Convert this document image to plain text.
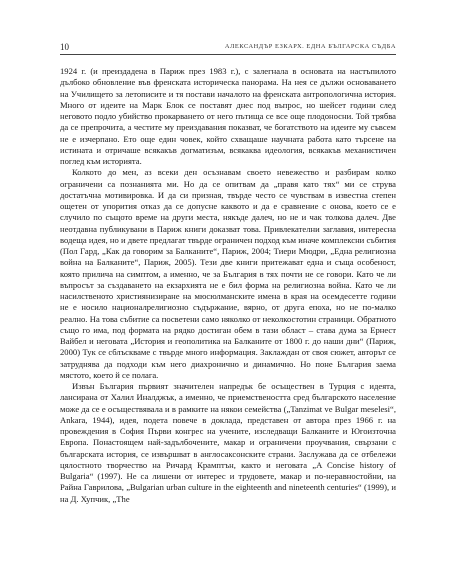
10	АЛЕКСАНДЪР ЕЗКАРХ. ЕДНА БЪЛГАРСКА СЪДБА

1924 г. (и преиздадена в Париж през 1983 г.), с залегнала в основата на настъпилото дълбоко обновление във френската историческа панорама. На нея се дължи основаването на Училището за летописите и тя постави началото на френската антропологична история. Много от идеите на Марк Блок се поставят днес под въпрос, но шейсет години след неговото подло убийство прокарването от него пътища се все още плодоносни. Той трябва да се препрочита, а честите му преиздавания показват, че богатството на идеите му съвсем не е изчерпано. Ето още един човек, който схващаше научната работа като търсене на истината и отричаше всякакъв догматизъм, всякаква идеология, всякакъв механистичен поглед към историята.

Колкото до мен, аз всеки ден осъзнавам своето невежество и разбирам колко ограничени са познанията ми. Но да се опитвам да „правя като тях“ ми се струва достатъчна мотивировка. И да си призная, твърде често се чувствам в известна степен ощетен от упорития отказ да се допусне каквото и да е сравнение с онова, което се е случило по същото време на други места, някъде далеч, но не и чак толкова далеч. Две неотдавна публикувани в Париж книги доказват това. Привлекателни заглавия, интересна водеща идея, но и двете предлагат твърде ограничен подход към иначе комплексни събития (Пол Гард, „Как да говорим за Балканите“, Париж, 2004; Тиери Мюдри, „Една религиозна война на Балканите“, Париж, 2005). Тези две книги притежават една и съща особеност, която прилича на симптом, а именно, че за България в тях почти не се говори. Като че ли въпросът за създаването на екзархията не е бил форма на религиозна война. Като че ли насилственото християнизиране на мюсюлманските имена в края на осемдесетте години не е носило националрелигиозно съдържание, вярно, от друга епоха, но не по-малко реално. На това събитие са посветени само няколко от неколкостотин страници. Обратното също го има, под формата на рядко достиган обем в тази област – става дума за Ернест Вайбел и неговата „История и геополитика на Балканите от 1800 г. до наши дни“ (Париж, 2000) Тук се сблъскваме с твърде много информация. Заклаждан от своя сюжет, авторът се затруднява да подходи към него диахронично и динамично. Но поне България заема мястото, което й се полага.

Извън България първият значителен напредък бе осъществен в Турция с идеята, лансирана от Халил Иналджък, а именно, че приемствеността сред българското население може да се е осъществявала и в рамките на някои семейства („Tanzimat ve Bulgar meselesi“, Ankara, 1944), идея, подета повече в доклада, представен от автора през 1966 г. на провеждения в София Първи конгрес на учените, изследващи Балканите и Югоизточна Европа. Понастоящем най-задълбочените, макар и ограничени проучвания, свързани с българската история, се извършват в англосаксонските страни. Заслужава да се отбележи цялостното творчество на Ричард Крамптън, както и неговата „A Concise history of Bulgaria“ (1997). Не са лишени от интерес и трудовете, макар и по-неравностойни, на Райна Гаврилова, „Bulgarian urban culture in the eighteenth and nineteenth centuries“ (1999), и на Д. Хупчик, „The
